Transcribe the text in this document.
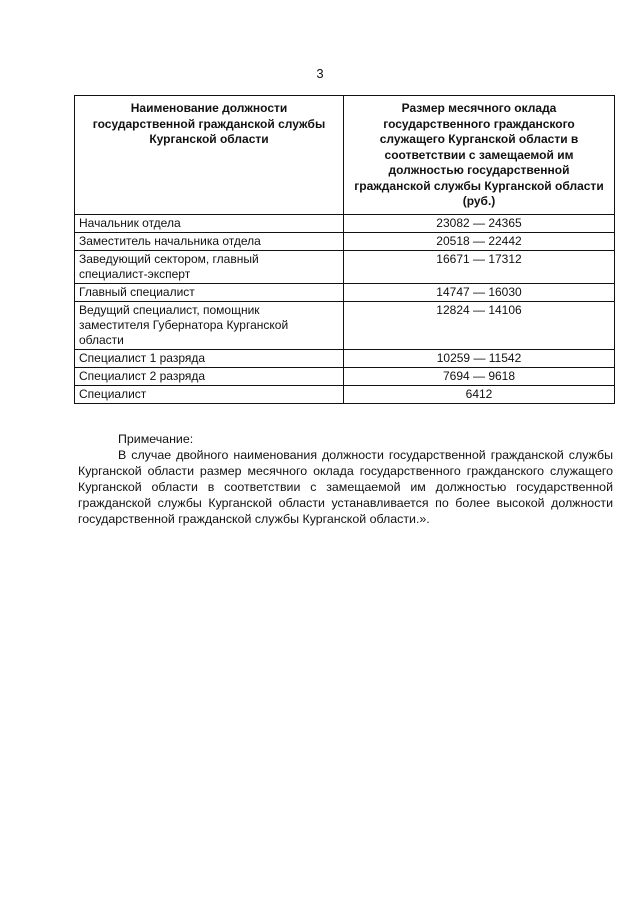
3
Наименование должности государственной гражданской службы Курганской области	Размер месячного оклада государственного гражданского служащего Курганской области в соответствии с замещаемой им должностью государственной гражданской службы Курганской области (руб.)
Начальник отдела	23082 — 24365
Заместитель начальника отдела	20518 — 22442
Заведующий сектором, главный специалист-эксперт	16671 — 17312
Главный специалист	14747 — 16030
Ведущий специалист, помощник заместителя Губернатора Курганской области	12824 — 14106
Специалист 1 разряда	10259 — 11542
Специалист 2 разряда	7694 — 9618
Специалист	6412
Примечание:

В случае двойного наименования должности государственной гражданской службы Курганской области размер месячного оклада государственного гражданского служащего Курганской области в соответствии с замещаемой им должностью государственной гражданской службы Курганской области устанавливается по более высокой должности государственной гражданской службы Курганской области.».
